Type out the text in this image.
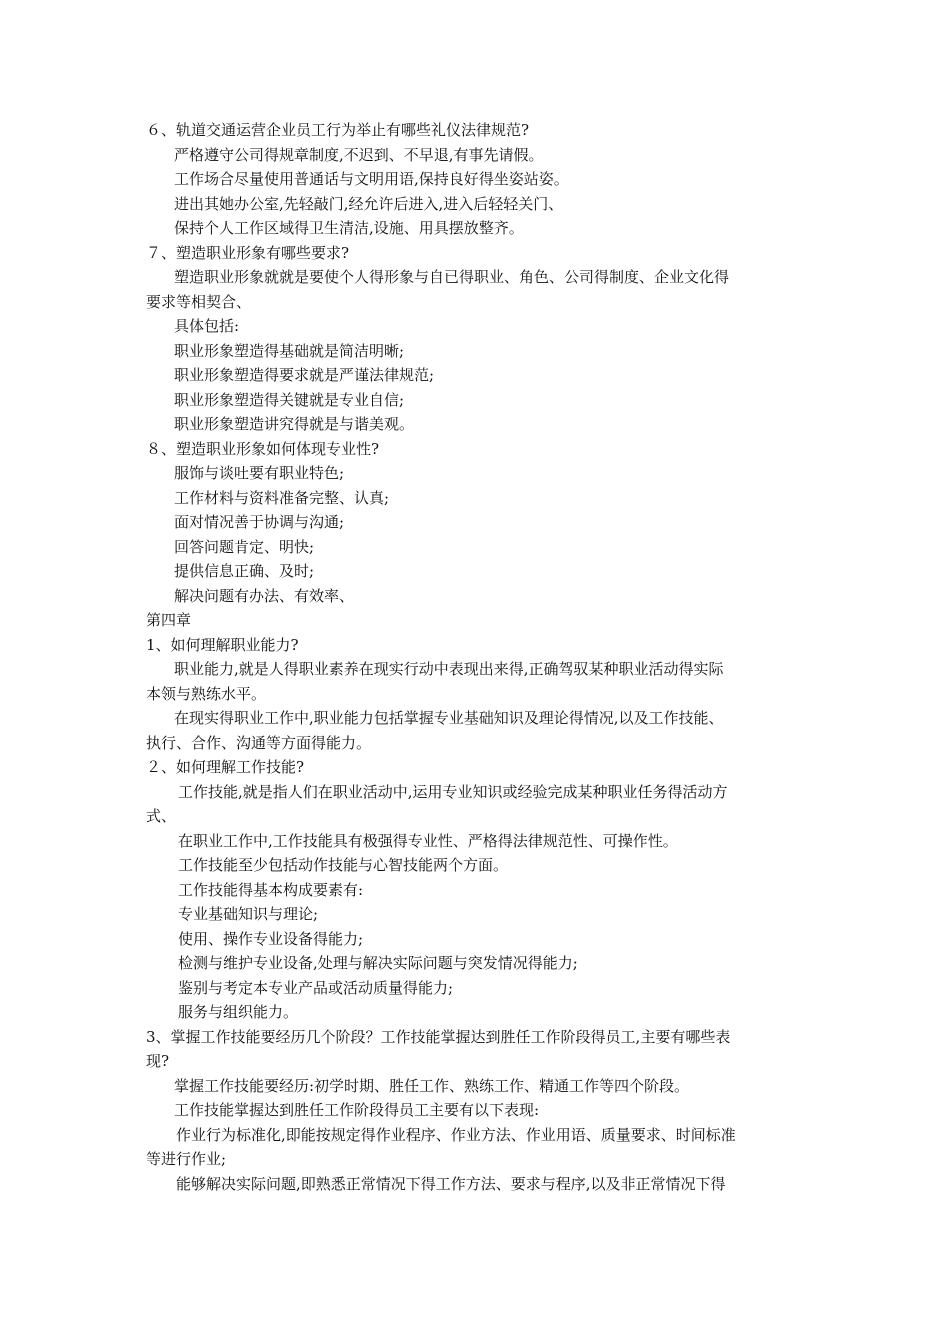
６、轨道交通运营企业员工行为举止有哪些礼仪法律规范?
严格遵守公司得规章制度,不迟到、不早退,有事先请假。
工作场合尽量使用普通话与文明用语,保持良好得坐姿站姿。
进出其她办公室,先轻敲门,经允许后进入,进入后轻轻关门、
保持个人工作区域得卫生清洁,设施、用具摆放整齐。
７、塑造职业形象有哪些要求?
塑造职业形象就就是要使个人得形象与自已得职业、角色、公司得制度、企业文化得
要求等相契合、
具体包括:
职业形象塑造得基础就是简洁明晰;
职业形象塑造得要求就是严谨法律规范;
职业形象塑造得关键就是专业自信;
职业形象塑造讲究得就是与谐美观。
８、塑造职业形象如何体现专业性?
服饰与谈吐要有职业特色;
工作材料与资料准备完整、认真;
面对情况善于协调与沟通;
回答问题肯定、明快;
提供信息正确、及时;
解决问题有办法、有效率、
第四章
1、如何理解职业能力?
职业能力,就是人得职业素养在现实行动中表现出来得,正确驾驭某种职业活动得实际
本领与熟练水平。
在现实得职业工作中,职业能力包括掌握专业基础知识及理论得情况,以及工作技能、
执行、合作、沟通等方面得能力。
２、如何理解工作技能?
工作技能,就是指人们在职业活动中,运用专业知识或经验完成某种职业任务得活动方
式、
在职业工作中,工作技能具有极强得专业性、严格得法律规范性、可操作性。
工作技能至少包括动作技能与心智技能两个方面。
工作技能得基本构成要素有:
专业基础知识与理论;
使用、操作专业设备得能力;
检测与维护专业设备,处理与解决实际问题与突发情况得能力;
鉴别与考定本专业产品或活动质量得能力;
服务与组织能力。
3、掌握工作技能要经历几个阶段？工作技能掌握达到胜任工作阶段得员工,主要有哪些表
现?
掌握工作技能要经历:初学时期、胜任工作、熟练工作、精通工作等四个阶段。
工作技能掌握达到胜任工作阶段得员工主要有以下表现:
作业行为标准化,即能按规定得作业程序、作业方法、作业用语、质量要求、时间标准
等进行作业;
能够解决实际问题,即熟悉正常情况下得工作方法、要求与程序,以及非正常情况下得
